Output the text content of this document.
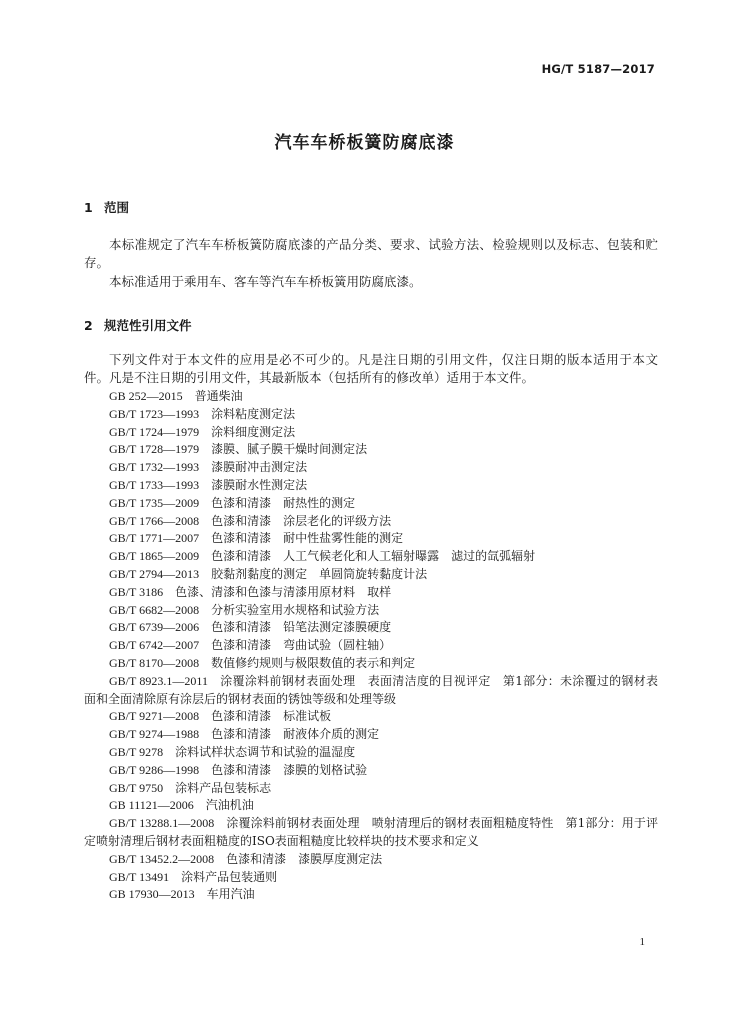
HG/T 5187—2017
汽车车桥板簧防腐底漆
1 范围

本标准规定了汽车车桥板簧防腐底漆的产品分类、要求、试验方法、检验规则以及标志、包装和贮存。

本标准适用于乘用车、客车等汽车车桥板簧用防腐底漆。

2 规范性引用文件

下列文件对于本文件的应用是必不可少的。凡是注日期的引用文件，仅注日期的版本适用于本文件。凡是不注日期的引用文件，其最新版本（包括所有的修改单）适用于本文件。

GB 252—2015 普通柴油
GB/T 1723—1993 涂料粘度测定法
GB/T 1724—1979 涂料细度测定法
GB/T 1728—1979 漆膜、腻子膜干燥时间测定法
GB/T 1732—1993 漆膜耐冲击测定法
GB/T 1733—1993 漆膜耐水性测定法
GB/T 1735—2009 色漆和清漆　耐热性的测定
GB/T 1766—2008 色漆和清漆　涂层老化的评级方法
GB/T 1771—2007 色漆和清漆　耐中性盐雾性能的测定
GB/T 1865—2009 色漆和清漆　人工气候老化和人工辐射曝露　滤过的氙弧辐射
GB/T 2794—2013 胶黏剂黏度的测定　单圆筒旋转黏度计法
GB/T 3186 色漆、清漆和色漆与清漆用原材料　取样
GB/T 6682—2008 分析实验室用水规格和试验方法
GB/T 6739—2006 色漆和清漆　铅笔法测定漆膜硬度
GB/T 6742—2007 色漆和清漆　弯曲试验（圆柱轴）
GB/T 8170—2008 数值修约规则与极限数值的表示和判定
GB/T 8923.1—2011 涂覆涂料前钢材表面处理　表面清洁度的目视评定　第1部分：未涂覆过的钢材表面和全面清除原有涂层后的钢材表面的锈蚀等级和处理等级
GB/T 9271—2008 色漆和清漆　标准试板
GB/T 9274—1988 色漆和清漆　耐液体介质的测定
GB/T 9278 涂料试样状态调节和试验的温湿度
GB/T 9286—1998 色漆和清漆　漆膜的划格试验
GB/T 9750 涂料产品包装标志
GB 11121—2006 汽油机油
GB/T 13288.1—2008 涂覆涂料前钢材表面处理　喷射清理后的钢材表面粗糙度特性　第1部分：用于评定喷射清理后钢材表面粗糙度的ISO表面粗糙度比较样块的技术要求和定义
GB/T 13452.2—2008 色漆和清漆　漆膜厚度测定法
GB/T 13491 涂料产品包装通则
GB 17930—2013 车用汽油
1
